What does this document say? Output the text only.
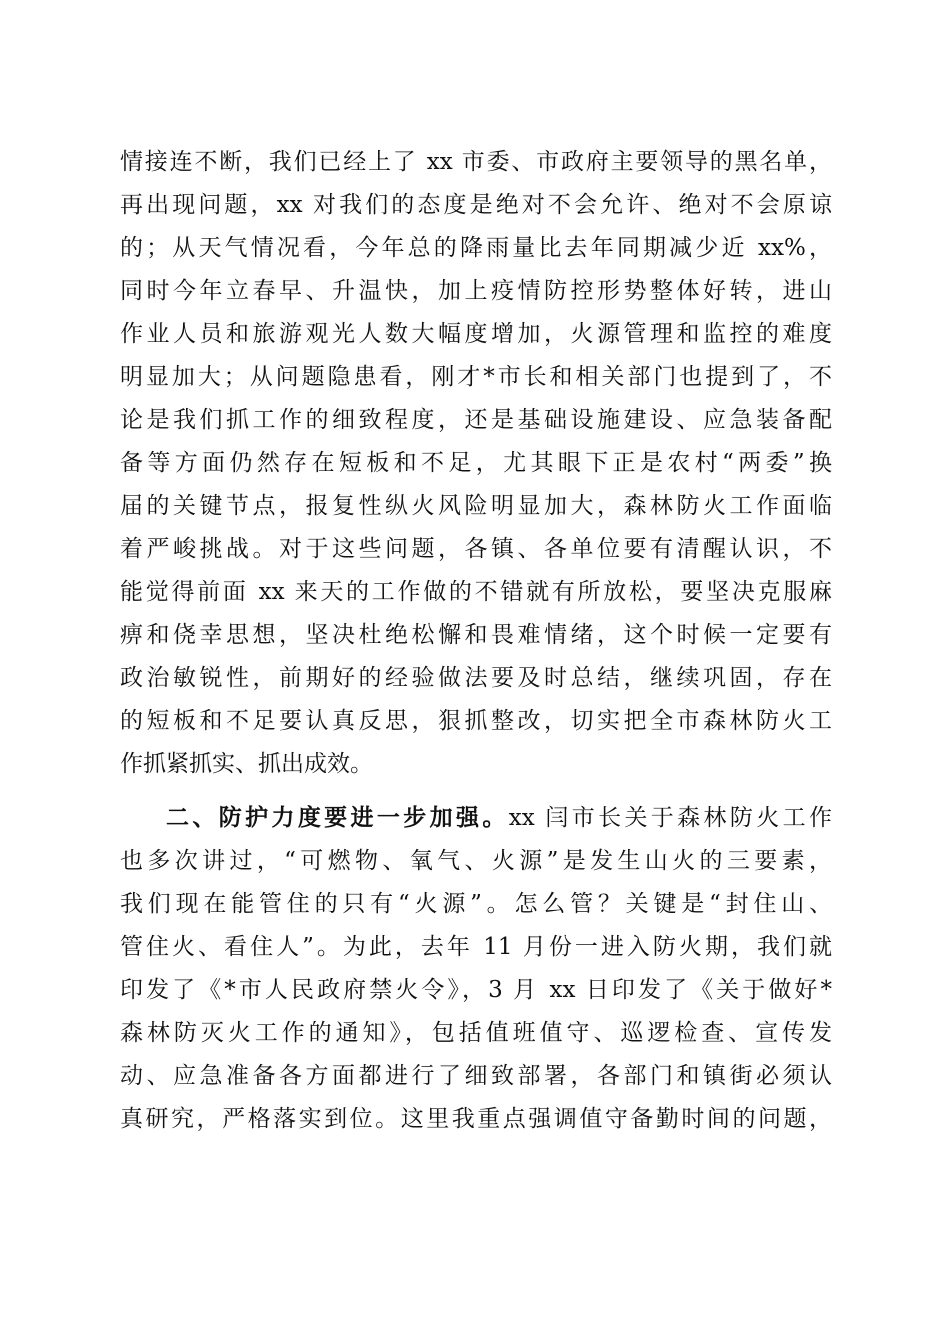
情接连不断，我们已经上了 xx 市委、市政府主要领导的黑名单，
再出现问题，xx 对我们的态度是绝对不会允许、绝对不会原谅
的；从天气情况看，今年总的降雨量比去年同期减少近 xx%，
同时今年立春早、升温快，加上疫情防控形势整体好转，进山
作业人员和旅游观光人数大幅度增加，火源管理和监控的难度
明显加大；从问题隐患看，刚才*市长和相关部门也提到了，不
论是我们抓工作的细致程度，还是基础设施建设、应急装备配
备等方面仍然存在短板和不足，尤其眼下正是农村“两委”换
届的关键节点，报复性纵火风险明显加大，森林防火工作面临
着严峻挑战。对于这些问题，各镇、各单位要有清醒认识，不
能觉得前面 xx 来天的工作做的不错就有所放松，要坚决克服麻
痹和侥幸思想，坚决杜绝松懈和畏难情绪，这个时候一定要有
政治敏锐性，前期好的经验做法要及时总结，继续巩固，存在
的短板和不足要认真反思，狠抓整改，切实把全市森林防火工
作抓紧抓实、抓出成效。
二、防护力度要进一步加强。xx 闫市长关于森林防火工作
也多次讲过，“可燃物、氧气、火源”是发生山火的三要素，
我们现在能管住的只有“火源”。怎么管？关键是“封住山、
管住火、看住人”。为此，去年 11 月份一进入防火期，我们就
印发了《*市人民政府禁火令》，3 月 xx 日印发了《关于做好*
森林防灭火工作的通知》，包括值班值守、巡逻检查、宣传发
动、应急准备各方面都进行了细致部署，各部门和镇街必须认
真研究，严格落实到位。这里我重点强调值守备勤时间的问题，
